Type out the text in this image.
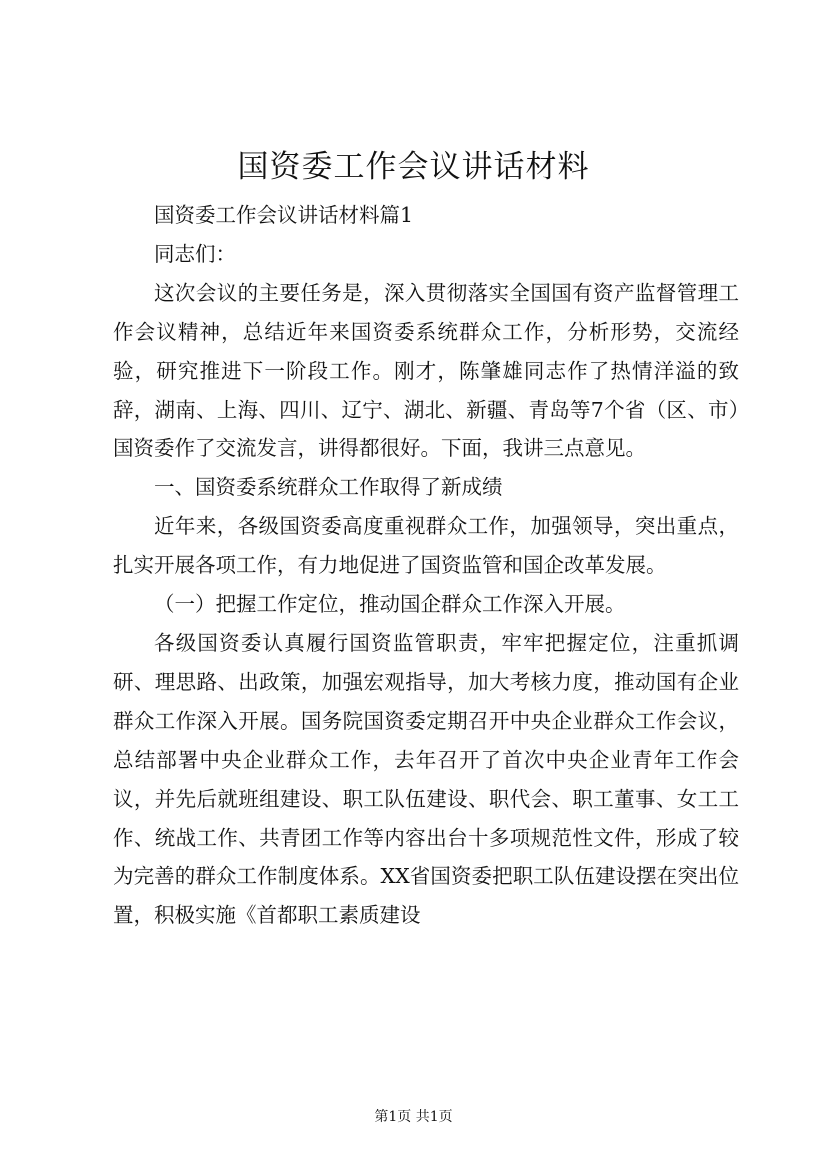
国资委工作会议讲话材料

国资委工作会议讲话材料篇1

同志们：

这次会议的主要任务是，深入贯彻落实全国国有资产监督管理工作会议精神，总结近年来国资委系统群众工作，分析形势，交流经验，研究推进下一阶段工作。刚才，陈肇雄同志作了热情洋溢的致辞，湖南、上海、四川、辽宁、湖北、新疆、青岛等7个省（区、市）国资委作了交流发言，讲得都很好。下面，我讲三点意见。

一、国资委系统群众工作取得了新成绩

近年来，各级国资委高度重视群众工作，加强领导，突出重点，扎实开展各项工作，有力地促进了国资监管和国企改革发展。

（一）把握工作定位，推动国企群众工作深入开展。

各级国资委认真履行国资监管职责，牢牢把握定位，注重抓调研、理思路、出政策，加强宏观指导，加大考核力度，推动国有企业群众工作深入开展。国务院国资委定期召开中央企业群众工作会议，总结部署中央企业群众工作，去年召开了首次中央企业青年工作会议，并先后就班组建设、职工队伍建设、职代会、职工董事、女工工作、统战工作、共青团工作等内容出台十多项规范性文件，形成了较为完善的群众工作制度体系。XX省国资委把职工队伍建设摆在突出位置，积极实施《首都职工素质建设

第1页 共1页
